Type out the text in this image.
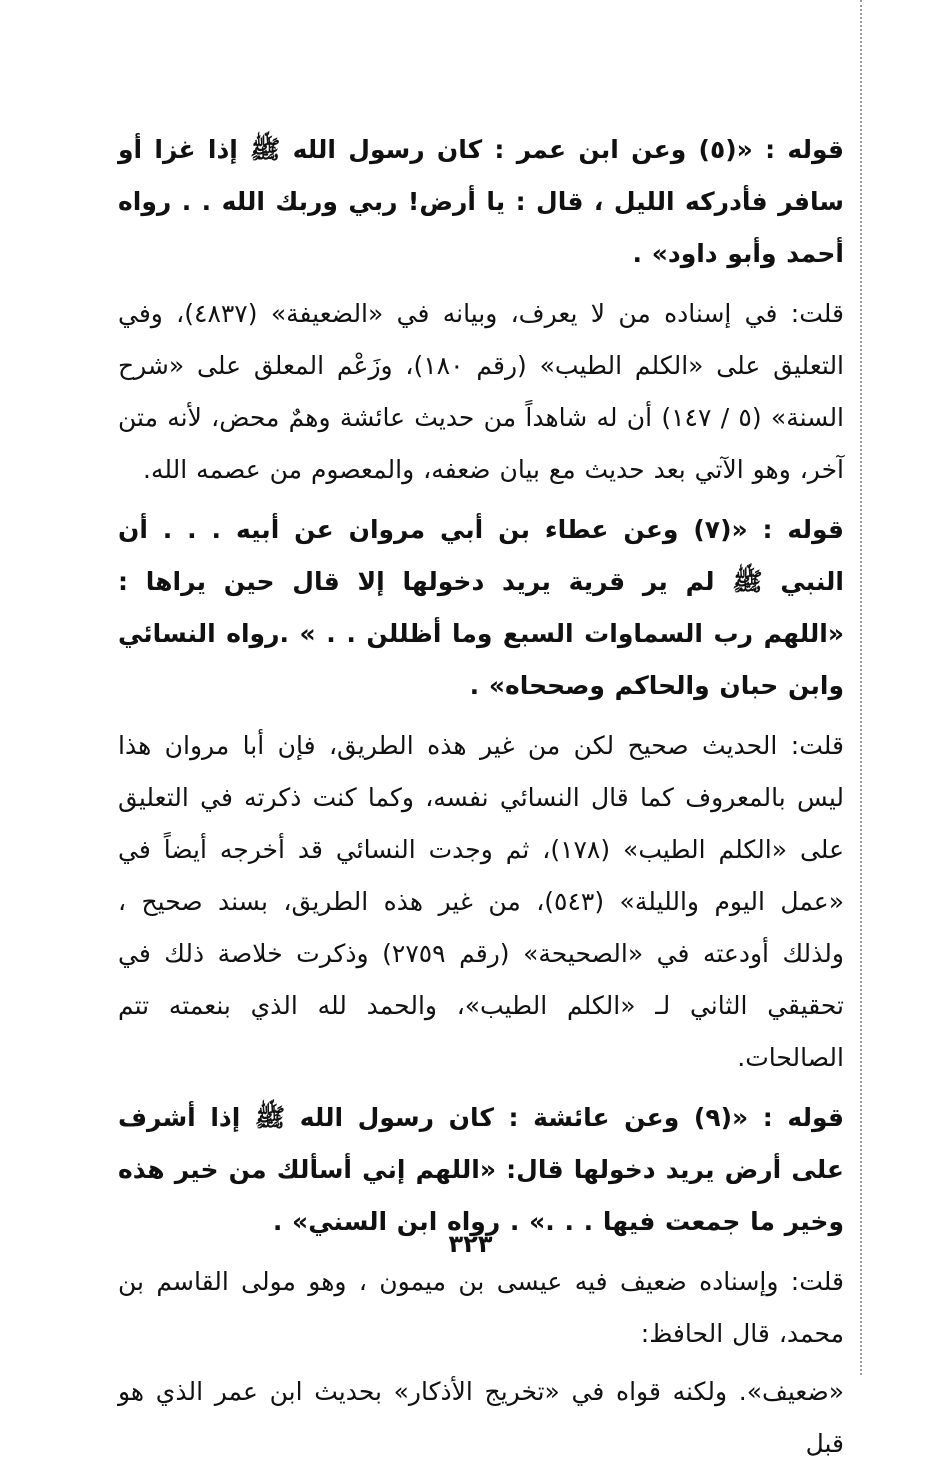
قوله : «(٥) وعن ابن عمر : كان رسول الله ﷺ إذا غزا أو سافر فأدركه الليل ، قال : يا أرض! ربي وربك الله . . رواه أحمد وأبو داود» .

قلت: في إسناده من لا يعرف، وبيانه في «الضعيفة» (٤٨٣٧)، وفي التعليق على «الكلم الطيب» (رقم ١٨٠)، وزَعْم المعلق على «شرح السنة» (٥ / ١٤٧) أن له شاهداً من حديث عائشة وهمٌ محض، لأنه متن آخر، وهو الآتي بعد حديث مع بيان ضعفه، والمعصوم من عصمه الله.

قوله : «(٧) وعن عطاء بن أبي مروان عن أبيه . . . أن النبي ﷺ لم ير قرية يريد دخولها إلا قال حين يراها : «اللهم رب السماوات السبع وما أظللن . . » .رواه النسائي وابن حبان والحاكم وصححاه» .

قلت: الحديث صحيح لكن من غير هذه الطريق، فإن أبا مروان هذا ليس بالمعروف كما قال النسائي نفسه، وكما كنت ذكرته في التعليق على «الكلم الطيب» (١٧٨)، ثم وجدت النسائي قد أخرجه أيضاً في «عمل اليوم والليلة» (٥٤٣)، من غير هذه الطريق، بسند صحيح ، ولذلك أودعته في «الصحيحة» (رقم ٢٧٥٩) وذكرت خلاصة ذلك في تحقيقي الثاني لـ «الكلم الطيب»، والحمد لله الذي بنعمته تتم الصالحات.

قوله : «(٩) وعن عائشة : كان رسول الله ﷺ إذا أشرف على أرض يريد دخولها قال: «اللهم إني أسألك من خير هذه وخير ما جمعت فيها . . .» . رواه ابن السني» .

قلت: وإسناده ضعيف فيه عيسى بن ميمون ، وهو مولى القاسم بن محمد، قال الحافظ:

«ضعيف». ولكنه قواه في «تخريج الأذكار» بحديث ابن عمر الذي هو قبل

٣٢٣
